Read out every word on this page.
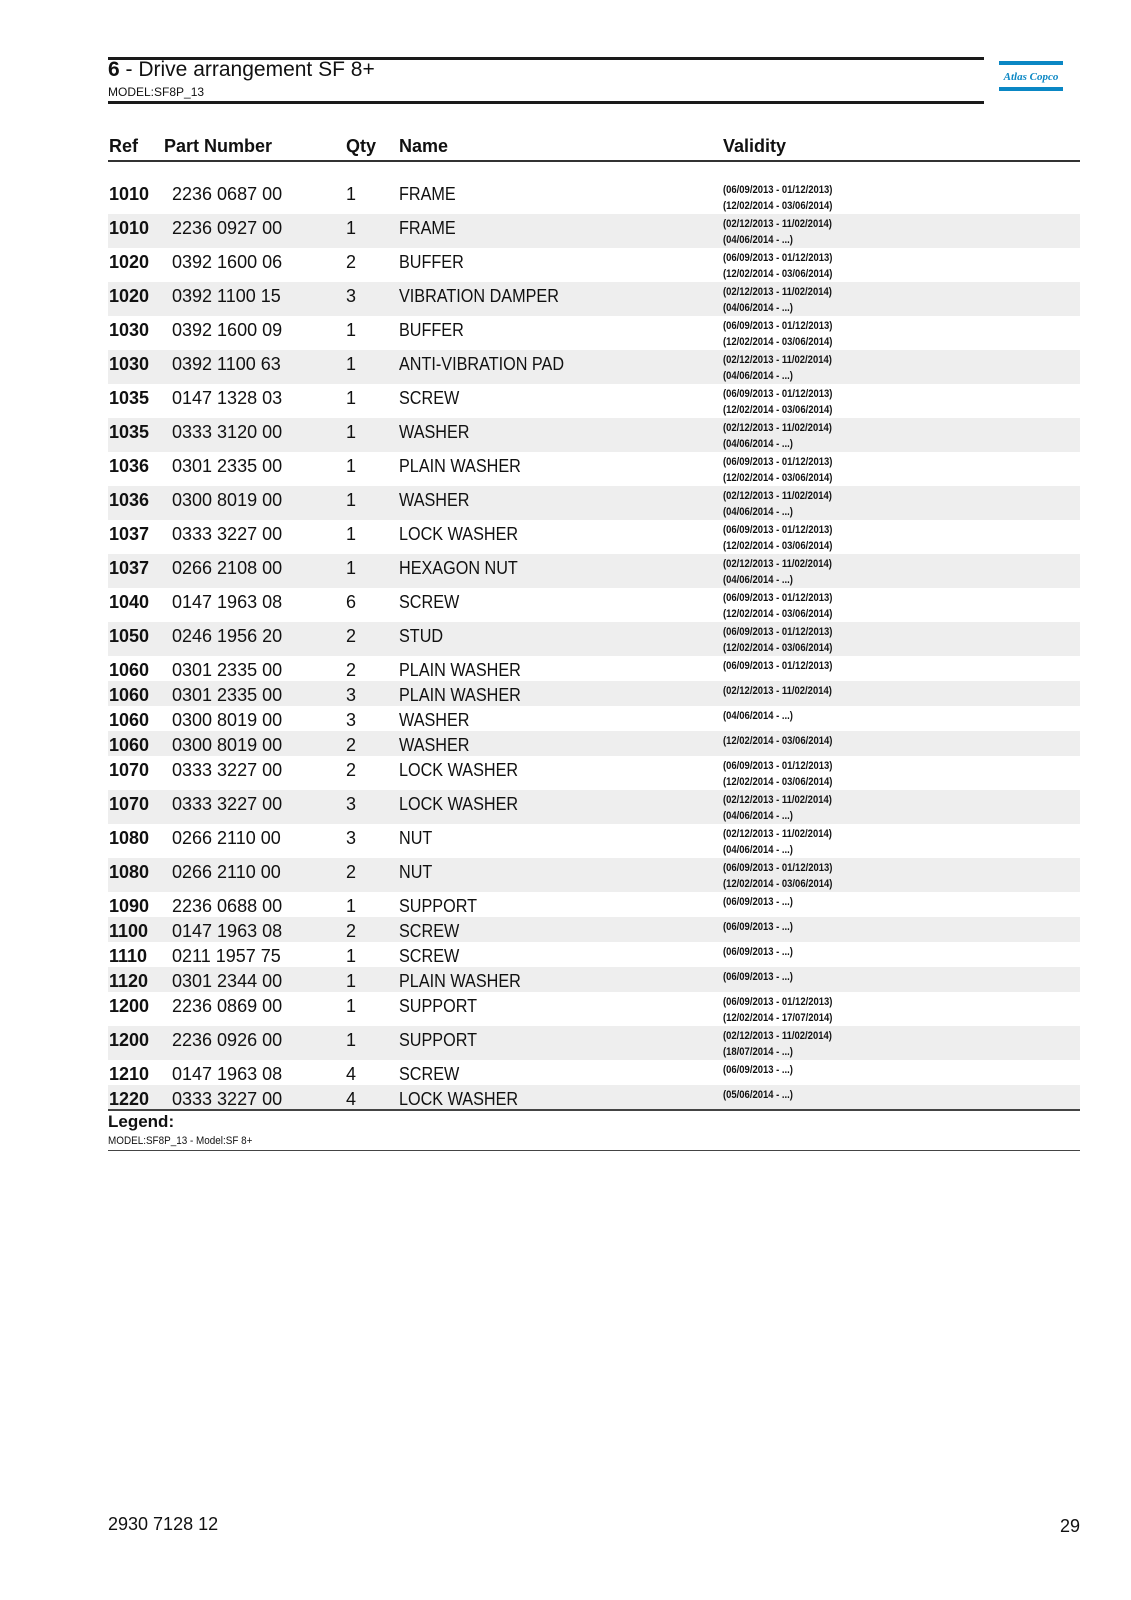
6 - Drive arrangement SF 8+
MODEL:SF8P_13
Atlas Copco
Ref Part Number	Qty Name	Validity
1010 2236 0687 00	1 FRAME	(06/09/2013 - 01/12/2013)
(12/02/2014 - 03/06/2014)
1010 2236 0927 00	1 FRAME	(02/12/2013 - 11/02/2014)
(04/06/2014 - ...)
1020 0392 1600 06	2 BUFFER	(06/09/2013 - 01/12/2013)
(12/02/2014 - 03/06/2014)
1020 0392 1100 15	3 VIBRATION DAMPER	(02/12/2013 - 11/02/2014)
(04/06/2014 - ...)
1030 0392 1600 09	1 BUFFER	(06/09/2013 - 01/12/2013)
(12/02/2014 - 03/06/2014)
1030 0392 1100 63	1 ANTI-VIBRATION PAD	(02/12/2013 - 11/02/2014)
(04/06/2014 - ...)
1035 0147 1328 03	1 SCREW	(06/09/2013 - 01/12/2013)
(12/02/2014 - 03/06/2014)
1035 0333 3120 00	1 WASHER	(02/12/2013 - 11/02/2014)
(04/06/2014 - ...)
1036 0301 2335 00	1 PLAIN WASHER	(06/09/2013 - 01/12/2013)
(12/02/2014 - 03/06/2014)
1036 0300 8019 00	1 WASHER	(02/12/2013 - 11/02/2014)
(04/06/2014 - ...)
1037 0333 3227 00	1 LOCK WASHER	(06/09/2013 - 01/12/2013)
(12/02/2014 - 03/06/2014)
1037 0266 2108 00	1 HEXAGON NUT	(02/12/2013 - 11/02/2014)
(04/06/2014 - ...)
1040 0147 1963 08	6 SCREW	(06/09/2013 - 01/12/2013)
(12/02/2014 - 03/06/2014)
1050 0246 1956 20	2 STUD	(06/09/2013 - 01/12/2013)
(12/02/2014 - 03/06/2014)
1060 0301 2335 00	2 PLAIN WASHER	(06/09/2013 - 01/12/2013)
1060 0301 2335 00	3 PLAIN WASHER	(02/12/2013 - 11/02/2014)
1060 0300 8019 00	3 WASHER	(04/06/2014 - ...)
1060 0300 8019 00	2 WASHER	(12/02/2014 - 03/06/2014)
1070 0333 3227 00	2 LOCK WASHER	(06/09/2013 - 01/12/2013)
(12/02/2014 - 03/06/2014)
1070 0333 3227 00	3 LOCK WASHER	(02/12/2013 - 11/02/2014)
(04/06/2014 - ...)
1080 0266 2110 00	3 NUT	(02/12/2013 - 11/02/2014)
(04/06/2014 - ...)
1080 0266 2110 00	2 NUT	(06/09/2013 - 01/12/2013)
(12/02/2014 - 03/06/2014)
1090 2236 0688 00	1 SUPPORT	(06/09/2013 - ...)
1100 0147 1963 08	2 SCREW	(06/09/2013 - ...)
1110 0211 1957 75	1 SCREW	(06/09/2013 - ...)
1120 0301 2344 00	1 PLAIN WASHER	(06/09/2013 - ...)
1200 2236 0869 00	1 SUPPORT	(06/09/2013 - 01/12/2013)
(12/02/2014 - 17/07/2014)
1200 2236 0926 00	1 SUPPORT	(02/12/2013 - 11/02/2014)
(18/07/2014 - ...)
1210 0147 1963 08	4 SCREW	(06/09/2013 - ...)
1220 0333 3227 00	4 LOCK WASHER	(05/06/2014 - ...)
Legend:
MODEL:SF8P_13 - Model:SF 8+
2930 7128 12	29
